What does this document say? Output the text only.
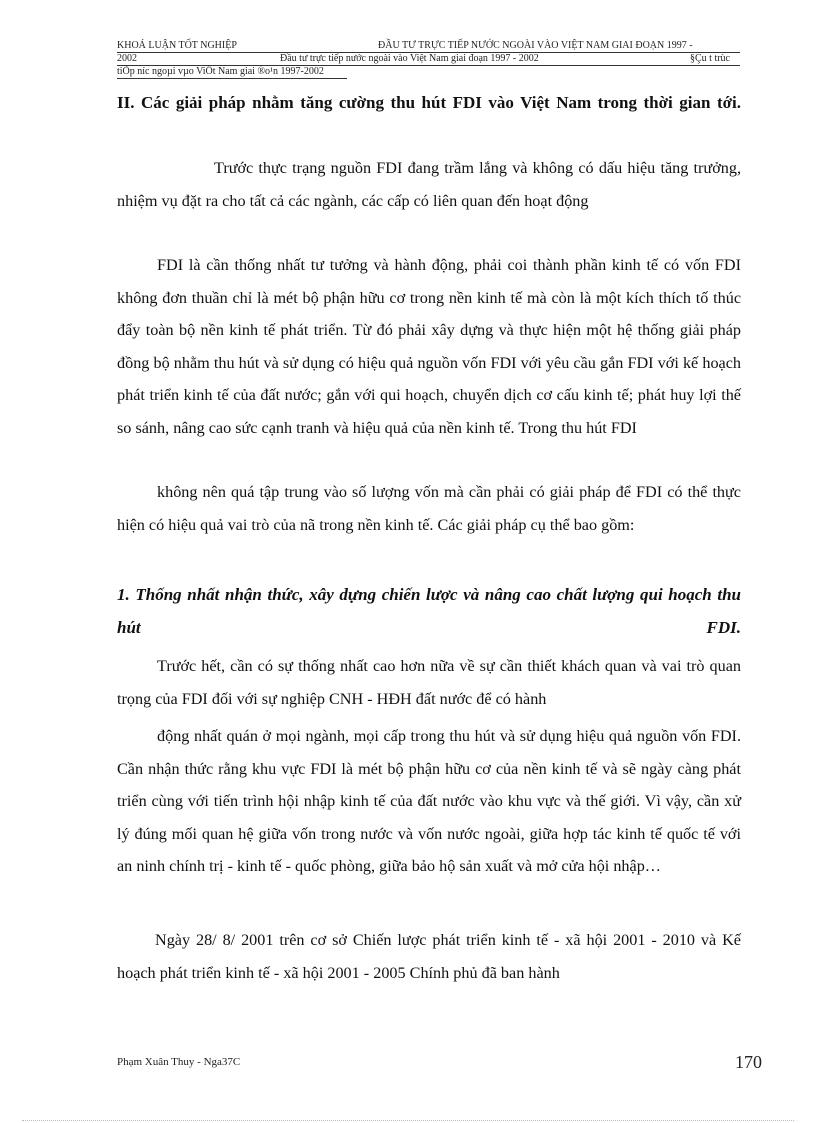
KHOÁ LUẬN TỐT NGHIỆP	ĐẦU TƯ TRỰC TIẾP NƯỚC NGOÀI VÀO VIỆT NAM GIAI ĐOẠN 1997 -
2002	Đầu tư trực tiếp nước ngoài vào Việt Nam giai đoạn 1997 - 2002	§Çu t trùc
tiÕp níc ngoµi vµo ViÖt Nam giai ®o¹n 1997-2002
II. Các giải pháp nhằm tăng cường thu hút FDI vào Việt Nam trong thời gian tới.
Trước thực trạng nguồn FDI đang trầm lắng và không có dấu hiệu tăng trưởng, nhiệm vụ đặt ra cho tất cả các ngành, các cấp có liên quan đến hoạt động
FDI là cần thống nhất tư tưởng và hành động, phải coi thành phần kinh tế có vốn FDI không đơn thuần chỉ là mét bộ phận hữu cơ trong nền kinh tế mà còn là một kích thích tố thúc đẩy toàn bộ nền kinh tế phát triển. Từ đó phải xây dựng và thực hiện một hệ thống giải pháp đồng bộ nhằm thu hút và sử dụng có hiệu quả nguồn vốn FDI với yêu cầu gắn FDI với kế hoạch phát triển kinh tế của đất nước; gắn với qui hoạch, chuyển dịch cơ cấu kinh tế; phát huy lợi thế so sánh, nâng cao sức cạnh tranh và hiệu quả của nền kinh tế. Trong thu hút FDI
không nên quá tập trung vào số lượng vốn mà cần phải có giải pháp để FDI có thể thực hiện có hiệu quả vai trò của nã trong nền kinh tế. Các giải pháp cụ thể bao gồm:
1. Thống nhất nhận thức, xây dựng chiến lược và nâng cao chất lượng qui hoạch thu hút FDI.
Trước hết, cần có sự thống nhất cao hơn nữa về sự cần thiết khách quan và vai trò quan trọng của FDI đối với sự nghiệp CNH - HĐH đất nước để có hành
động nhất quán ở mọi ngành, mọi cấp trong thu hút và sử dụng hiệu quả nguồn vốn FDI. Cần nhận thức rằng khu vực FDI là mét bộ phận hữu cơ của nền kinh tế và sẽ ngày càng phát triển cùng với tiến trình hội nhập kinh tế của đất nước vào khu vực và thế giới. Vì vậy, cần xử lý đúng mối quan hệ giữa vốn trong nước và vốn nước ngoài, giữa hợp tác kinh tế quốc tế với an ninh chính trị - kinh tế - quốc phòng, giữa bảo hộ sản xuất và mở cửa hội nhập…
Ngày 28/ 8/ 2001 trên cơ sở Chiến lược phát triển kinh tế - xã hội 2001 - 2010 và Kế hoạch phát triển kinh tế - xã hội 2001 - 2005 Chính phủ đã ban hành
Phạm Xuân Thuy - Nga37C	170
